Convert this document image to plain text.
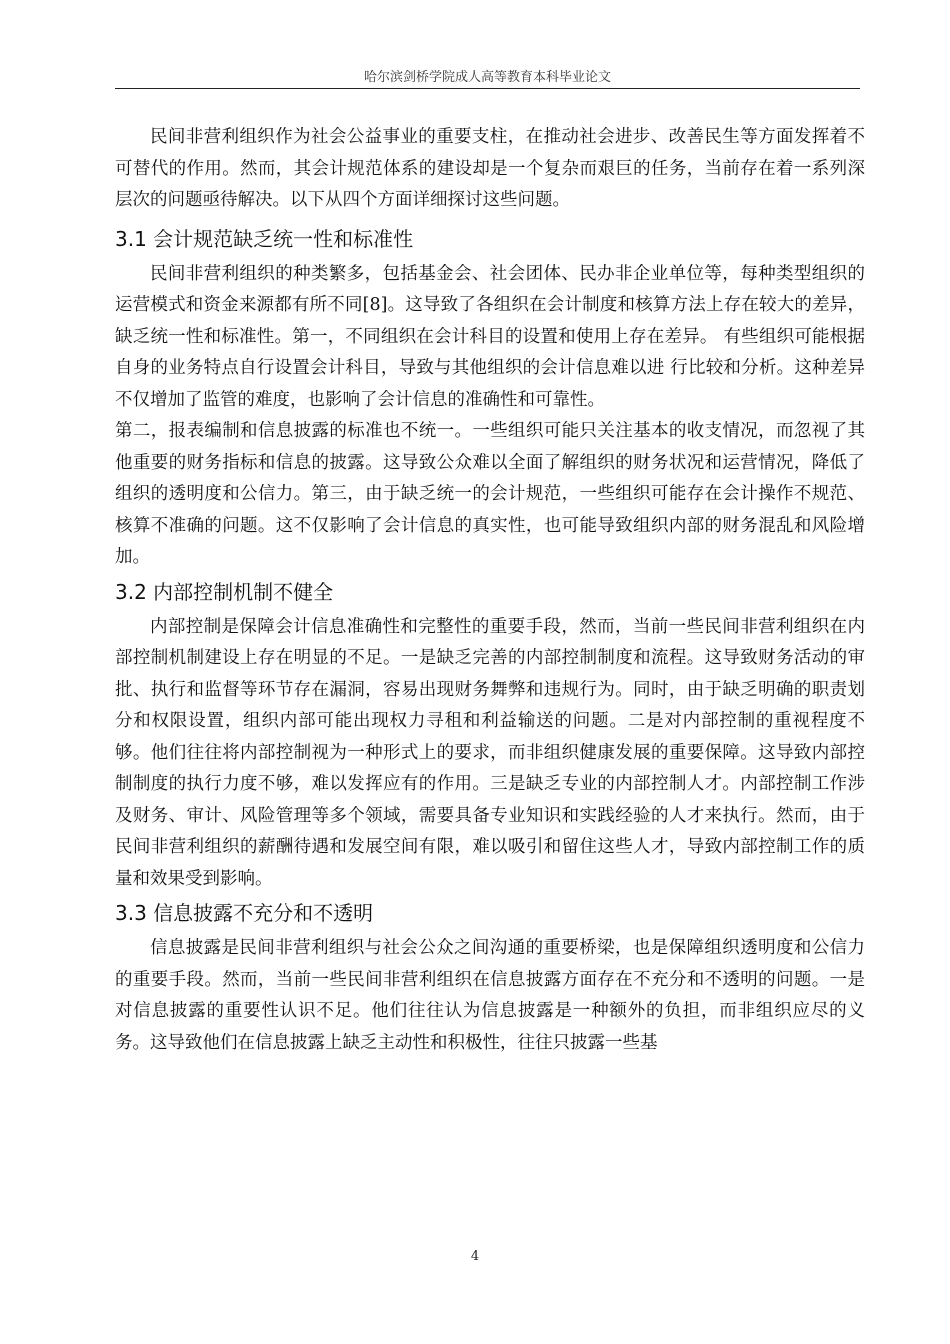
哈尔滨剑桥学院成人高等教育本科毕业论文

民间非营利组织作为社会公益事业的重要支柱，在推动社会进步、改善民生等方面发挥着不可替代的作用。然而，其会计规范体系的建设却是一个复杂而艰巨的任务，当前存在着一系列深层次的问题亟待解决。以下从四个方面详细探讨这些问题。

3.1 会计规范缺乏统一性和标准性

民间非营利组织的种类繁多，包括基金会、社会团体、民办非企业单位等，每种类型组织的运营模式和资金来源都有所不同[8]。这导致了各组织在会计制度和核算方法上存在较大的差异，缺乏统一性和标准性。第一，不同组织在会计科目的设置和使用上存在差异。 有些组织可能根据自身的业务特点自行设置会计科目，导致与其他组织的会计信息难以进 行比较和分析。这种差异不仅增加了监管的难度，也影响了会计信息的准确性和可靠性。

第二，报表编制和信息披露的标准也不统一。一些组织可能只关注基本的收支情况，而忽视了其他重要的财务指标和信息的披露。这导致公众难以全面了解组织的财务状况和运营情况，降低了组织的透明度和公信力。第三，由于缺乏统一的会计规范，一些组织可能存在会计操作不规范、核算不准确的问题。这不仅影响了会计信息的真实性，也可能导致组织内部的财务混乱和风险增加。

3.2 内部控制机制不健全

内部控制是保障会计信息准确性和完整性的重要手段，然而，当前一些民间非营利组织在内部控制机制建设上存在明显的不足。一是缺乏完善的内部控制制度和流程。这导致财务活动的审批、执行和监督等环节存在漏洞，容易出现财务舞弊和违规行为。同时，由于缺乏明确的职责划分和权限设置，组织内部可能出现权力寻租和利益输送的问题。二是对内部控制的重视程度不够。他们往往将内部控制视为一种形式上的要求，而非组织健康发展的重要保障。这导致内部控制制度的执行力度不够，难以发挥应有的作用。三是缺乏专业的内部控制人才。内部控制工作涉及财务、审计、风险管理等多个领域，需要具备专业知识和实践经验的人才来执行。然而，由于民间非营利组织的薪酬待遇和发展空间有限，难以吸引和留住这些人才，导致内部控制工作的质量和效果受到影响。

3.3 信息披露不充分和不透明

信息披露是民间非营利组织与社会公众之间沟通的重要桥梁，也是保障组织透明度和公信力的重要手段。然而，当前一些民间非营利组织在信息披露方面存在不充分和不透明的问题。一是对信息披露的重要性认识不足。他们往往认为信息披露是一种额外的负担，而非组织应尽的义务。这导致他们在信息披露上缺乏主动性和积极性，往往只披露一些基

4
